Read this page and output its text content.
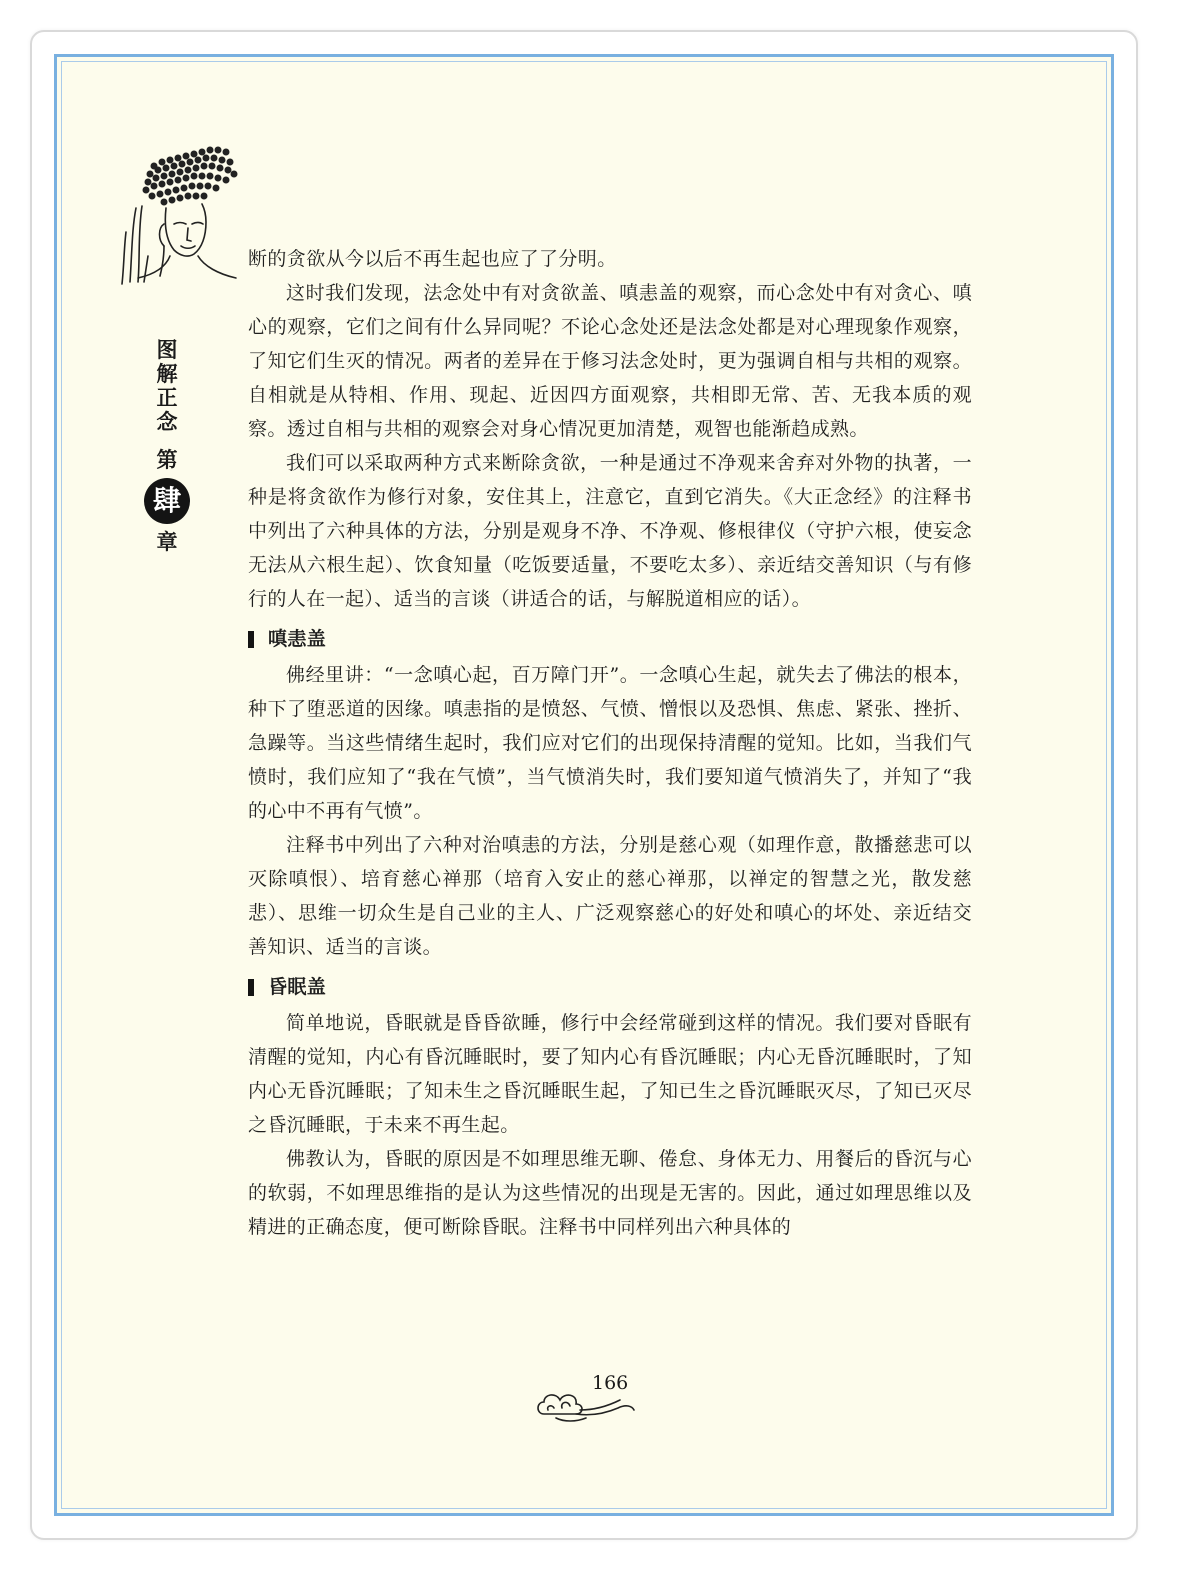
图
解
正
念
第
肆
章

断的贪欲从今以后不再生起也应了了分明。

这时我们发现，法念处中有对贪欲盖、嗔恚盖的观察，而心念处中有对贪心、嗔心的观察，它们之间有什么异同呢？不论心念处还是法念处都是对心理现象作观察，了知它们生灭的情况。两者的差异在于修习法念处时，更为强调自相与共相的观察。自相就是从特相、作用、现起、近因四方面观察，共相即无常、苦、无我本质的观察。透过自相与共相的观察会对身心情况更加清楚，观智也能渐趋成熟。

我们可以采取两种方式来断除贪欲，一种是通过不净观来舍弃对外物的执著，一种是将贪欲作为修行对象，安住其上，注意它，直到它消失。《大正念经》的注释书中列出了六种具体的方法，分别是观身不净、不净观、修根律仪（守护六根，使妄念无法从六根生起）、饮食知量（吃饭要适量，不要吃太多）、亲近结交善知识（与有修行的人在一起）、适当的言谈（讲适合的话，与解脱道相应的话）。

嗔恚盖

佛经里讲：“一念嗔心起，百万障门开”。一念嗔心生起，就失去了佛法的根本，种下了堕恶道的因缘。嗔恚指的是愤怒、气愤、憎恨以及恐惧、焦虑、紧张、挫折、急躁等。当这些情绪生起时，我们应对它们的出现保持清醒的觉知。比如，当我们气愤时，我们应知了“我在气愤”，当气愤消失时，我们要知道气愤消失了，并知了“我的心中不再有气愤”。

注释书中列出了六种对治嗔恚的方法，分别是慈心观（如理作意，散播慈悲可以灭除嗔恨）、培育慈心禅那（培育入安止的慈心禅那，以禅定的智慧之光，散发慈悲）、思维一切众生是自己业的主人、广泛观察慈心的好处和嗔心的坏处、亲近结交善知识、适当的言谈。

昏眠盖

简单地说，昏眠就是昏昏欲睡，修行中会经常碰到这样的情况。我们要对昏眠有清醒的觉知，内心有昏沉睡眠时，要了知内心有昏沉睡眠；内心无昏沉睡眠时，了知内心无昏沉睡眠；了知未生之昏沉睡眠生起，了知已生之昏沉睡眠灭尽，了知已灭尽之昏沉睡眠，于未来不再生起。

佛教认为，昏眠的原因是不如理思维无聊、倦怠、身体无力、用餐后的昏沉与心的软弱，不如理思维指的是认为这些情况的出现是无害的。因此，通过如理思维以及精进的正确态度，便可断除昏眠。注释书中同样列出六种具体的

166
